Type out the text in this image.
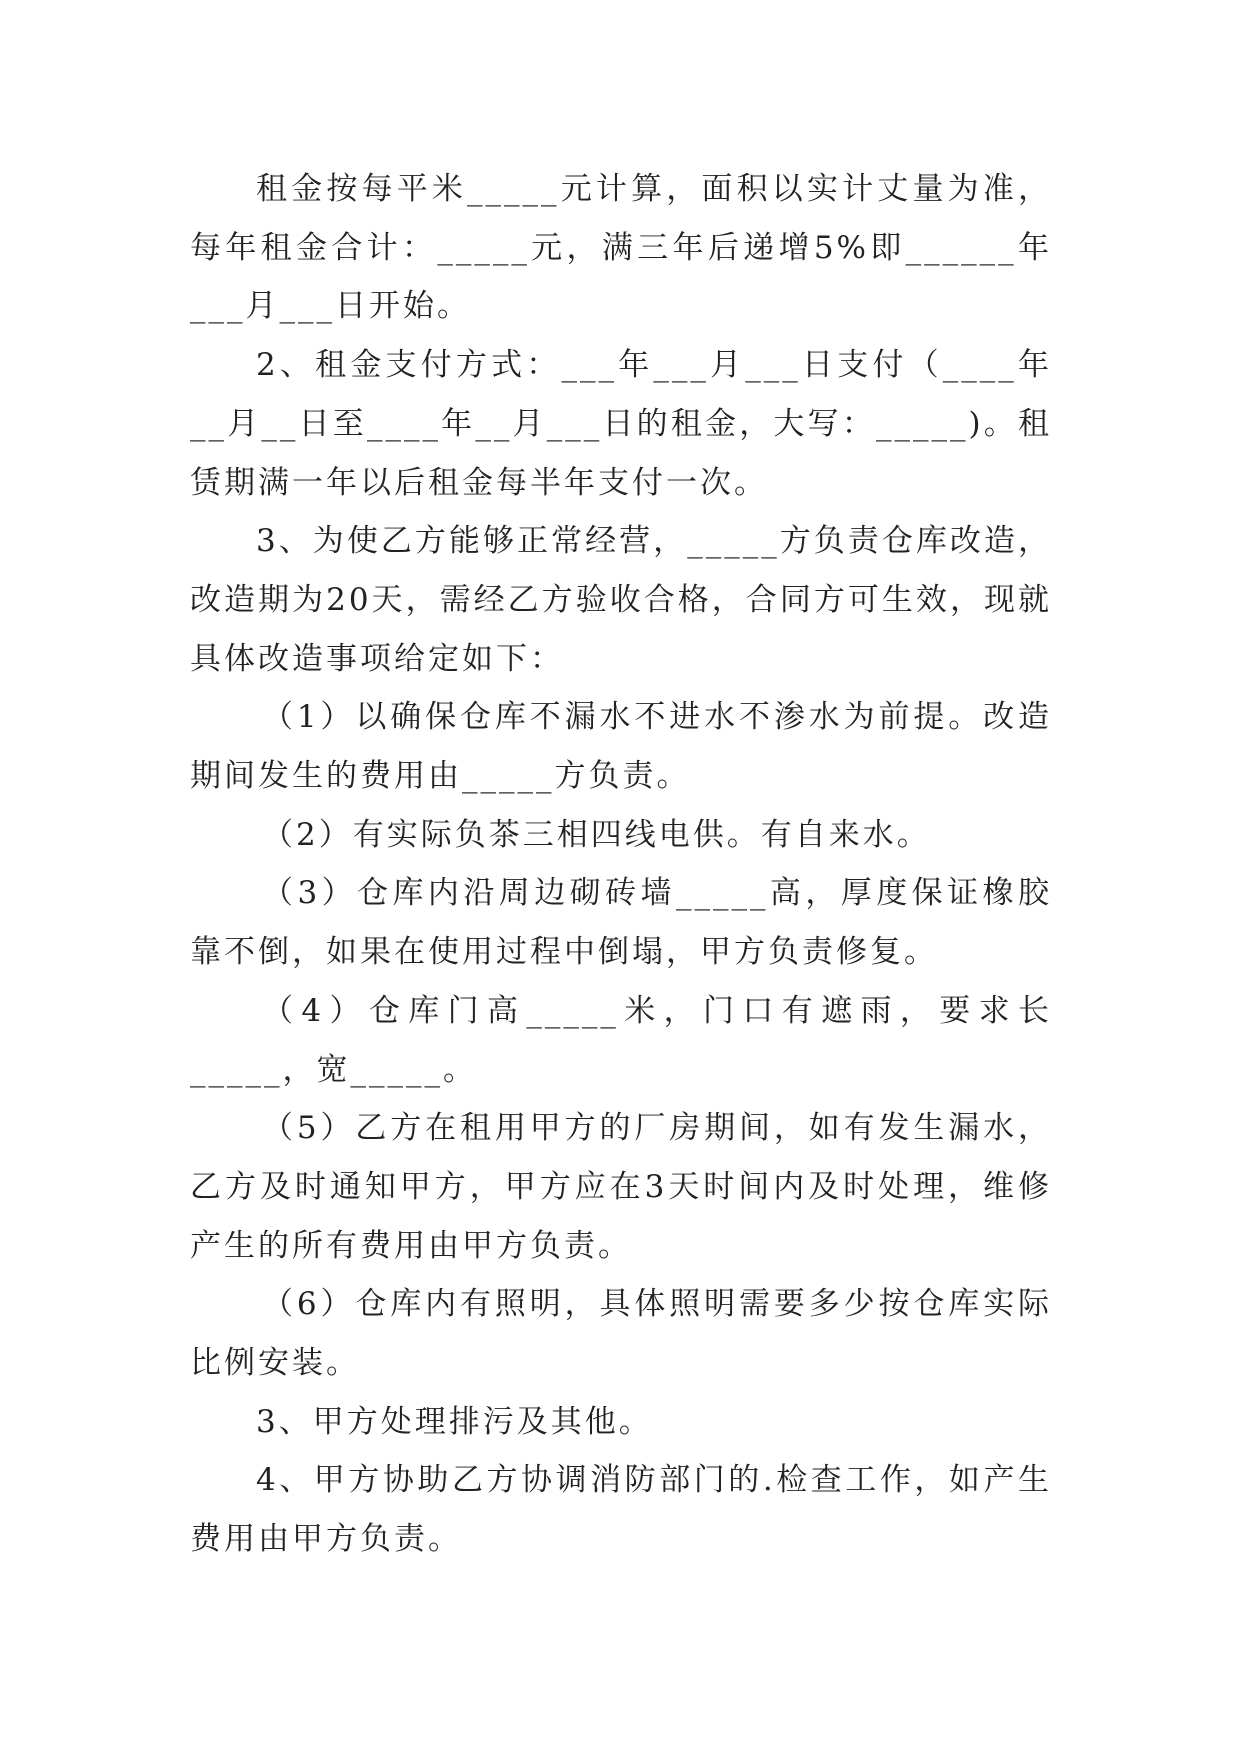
租金按每平米_____元计算，面积以实计丈量为准，每年租金合计：_____元，满三年后递增5%即______年___月___日开始。

2、租金支付方式：___年___月___日支付（____年__月__日至____年__月___日的租金，大写：_____)。租赁期满一年以后租金每半年支付一次。

3、为使乙方能够正常经营，_____方负责仓库改造，改造期为20天，需经乙方验收合格，合同方可生效，现就具体改造事项给定如下：

（1）以确保仓库不漏水不进水不渗水为前提。改造期间发生的费用由_____方负责。

（2）有实际负茶三相四线电供。有自来水。

（3）仓库内沿周边砌砖墙_____高，厚度保证橡胶靠不倒，如果在使用过程中倒塌，甲方负责修复。

（4）仓库门高_____米，门口有遮雨，要求长_____，宽_____。

（5）乙方在租用甲方的厂房期间，如有发生漏水，乙方及时通知甲方，甲方应在3天时间内及时处理，维修产生的所有费用由甲方负责。

（6）仓库内有照明，具体照明需要多少按仓库实际比例安装。

3、甲方处理排污及其他。

4、甲方协助乙方协调消防部门的.检查工作，如产生费用由甲方负责。
